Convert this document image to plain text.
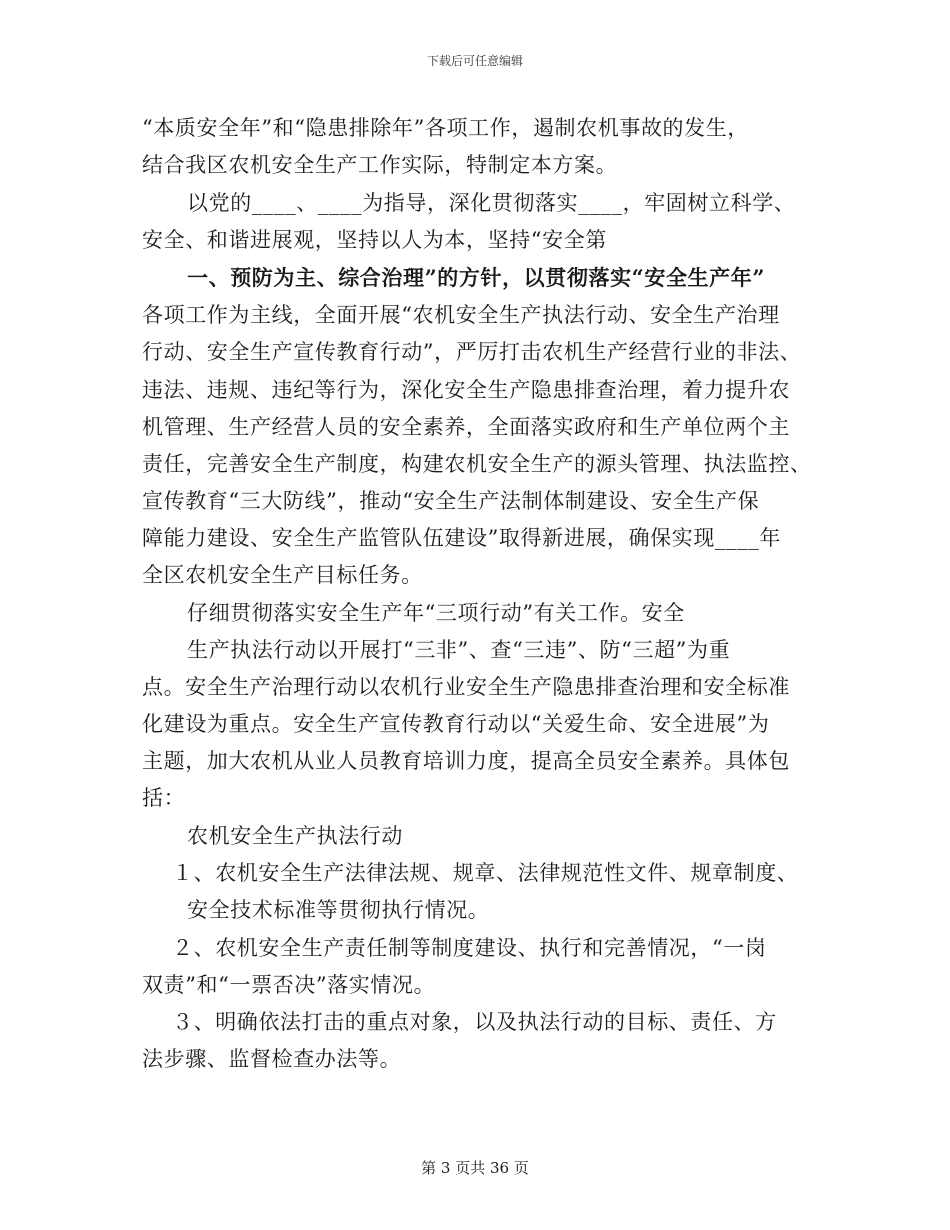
下载后可任意编辑
“本质安全年”和“隐患排除年”各项工作，遏制农机事故的发生，
结合我区农机安全生产工作实际，特制定本方案。
以党的____、____为指导，深化贯彻落实____，牢固树立科学、
安全、和谐进展观，坚持以人为本，坚持“安全第
一、预防为主、综合治理”的方针，以贯彻落实“安全生产年”
各项工作为主线，全面开展“农机安全生产执法行动、安全生产治理
行动、安全生产宣传教育行动”，严厉打击农机生产经营行业的非法、
违法、违规、违纪等行为，深化安全生产隐患排查治理，着力提升农
机管理、生产经营人员的安全素养，全面落实政府和生产单位两个主
责任，完善安全生产制度，构建农机安全生产的源头管理、执法监控、
宣传教育“三大防线”，推动“安全生产法制体制建设、安全生产保
障能力建设、安全生产监管队伍建设”取得新进展，确保实现____年
全区农机安全生产目标任务。
仔细贯彻落实安全生产年“三项行动”有关工作。安全
生产执法行动以开展打“三非”、查“三违”、防“三超”为重
点。安全生产治理行动以农机行业安全生产隐患排查治理和安全标准
化建设为重点。安全生产宣传教育行动以“关爱生命、安全进展”为
主题，加大农机从业人员教育培训力度，提高全员安全素养。具体包
括：
农机安全生产执法行动
１、农机安全生产法律法规、规章、法律规范性文件、规章制度、
安全技术标准等贯彻执行情况。
２、农机安全生产责任制等制度建设、执行和完善情况，“一岗
双责”和“一票否决”落实情况。
３、明确依法打击的重点对象，以及执法行动的目标、责任、方
法步骤、监督检查办法等。
第 3 页共 36 页
